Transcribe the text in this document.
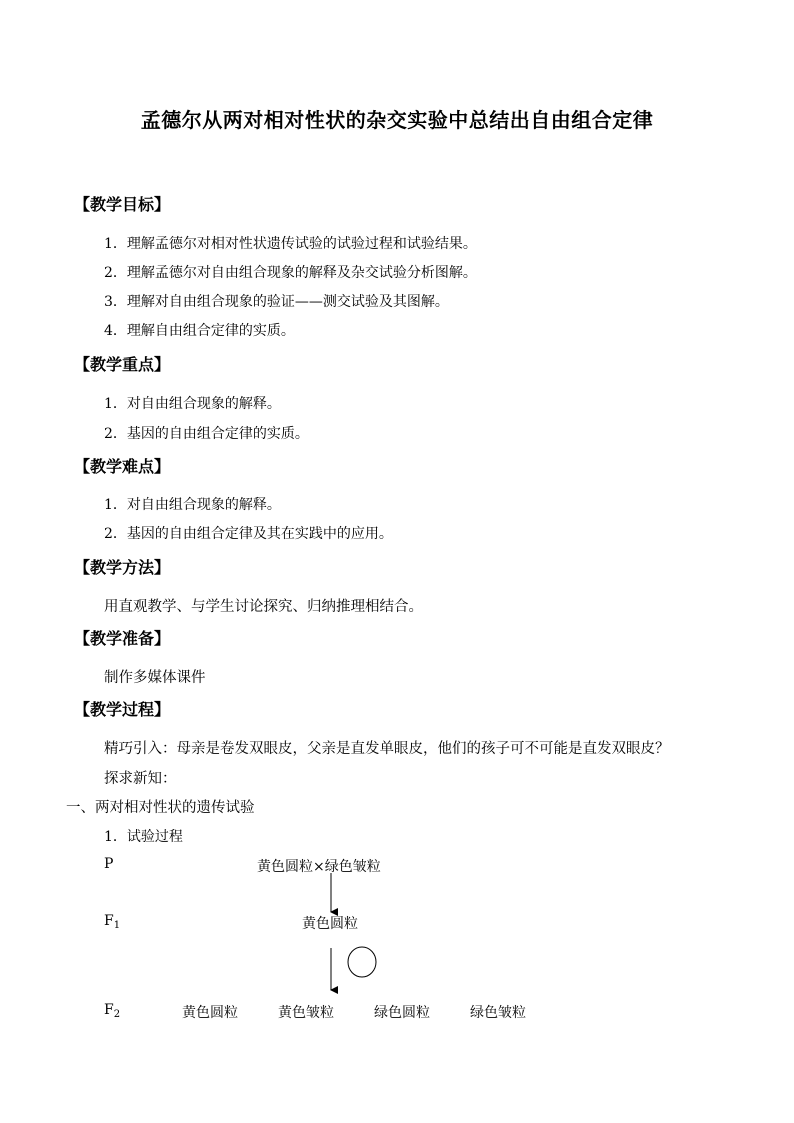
孟德尔从两对相对性状的杂交实验中总结出自由组合定律
【教学目标】
1．理解孟德尔对相对性状遗传试验的试验过程和试验结果。
2．理解孟德尔对自由组合现象的解释及杂交试验分析图解。
3．理解对自由组合现象的验证——测交试验及其图解。
4．理解自由组合定律的实质。
【教学重点】
1．对自由组合现象的解释。
2．基因的自由组合定律的实质。
【教学难点】
1．对自由组合现象的解释。
2．基因的自由组合定律及其在实践中的应用。
【教学方法】
用直观教学、与学生讨论探究、归纳推理相结合。
【教学准备】
制作多媒体课件
【教学过程】
精巧引入：母亲是卷发双眼皮，父亲是直发单眼皮，他们的孩子可不可能是直发双眼皮？
探求新知：
一、两对相对性状的遗传试验
1．试验过程
P	黄色圆粒×绿色皱粒
$F_1$	黄色圆粒
$F_2$	黄色圆粒	黄色皱粒	绿色圆粒	绿色皱粒
